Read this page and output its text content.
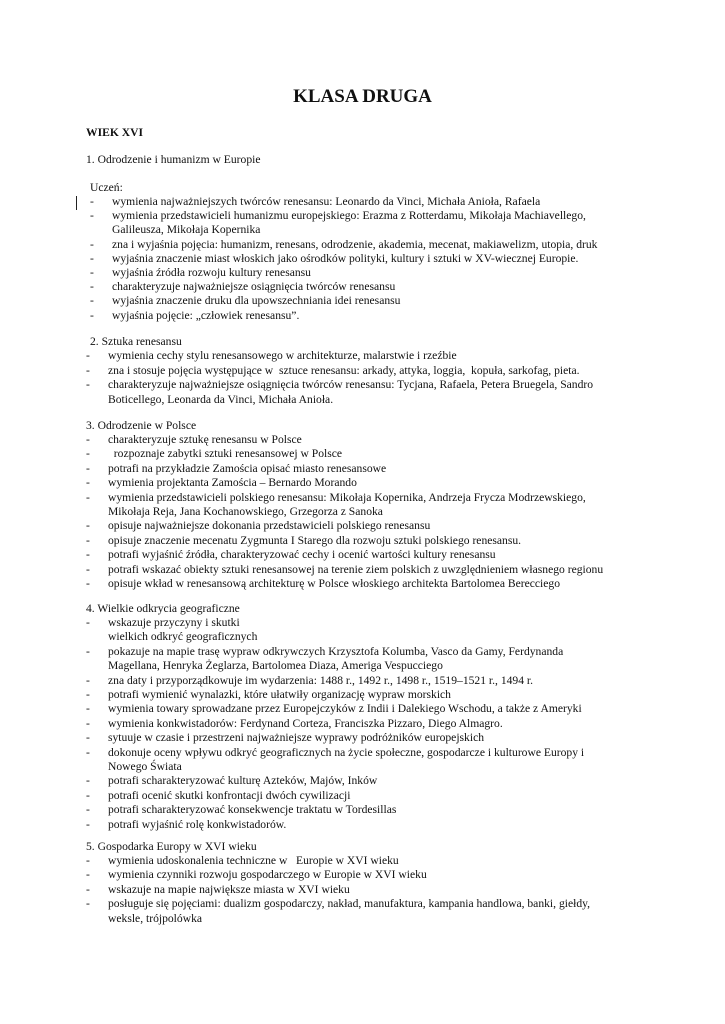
KLASA DRUGA
WIEK XVI
1. Odrodzenie i humanizm w Europie
Uczeń:
- wymienia najważniejszych twórców renesansu: Leonardo da Vinci, Michała Anioła, Rafaela
- wymienia przedstawicieli humanizmu europejskiego: Erazma z Rotterdamu, Mikołaja Machiavellego,
Galileusza, Mikołaja Kopernika
- zna i wyjaśnia pojęcia: humanizm, renesans, odrodzenie, akademia, mecenat, makiawelizm, utopia, druk
- wyjaśnia znaczenie miast włoskich jako ośrodków polityki, kultury i sztuki w XV-wiecznej Europie.
- wyjaśnia źródła rozwoju kultury renesansu
- charakteryzuje najważniejsze osiągnięcia twórców renesansu
- wyjaśnia znaczenie druku dla upowszechniania idei renesansu
- wyjaśnia pojęcie: „człowiek renesansu”.
2. Sztuka renesansu
- wymienia cechy stylu renesansowego w architekturze, malarstwie i rzeźbie
- zna i stosuje pojęcia występujące w  sztuce renesansu: arkady, attyka, loggia,  kopuła, sarkofag, pieta.
- charakteryzuje najważniejsze osiągnięcia twórców renesansu: Tycjana, Rafaela, Petera Bruegela, Sandro
Boticellego, Leonarda da Vinci, Michała Anioła.
3. Odrodzenie w Polsce
- charakteryzuje sztukę renesansu w Polsce
- rozpoznaje zabytki sztuki renesansowej w Polsce
- potrafi na przykładzie Zamościa opisać miasto renesansowe
- wymienia projektanta Zamościa – Bernardo Morando
- wymienia przedstawicieli polskiego renesansu: Mikołaja Kopernika, Andrzeja Frycza Modrzewskiego,
Mikołaja Reja, Jana Kochanowskiego, Grzegorza z Sanoka
- opisuje najważniejsze dokonania przedstawicieli polskiego renesansu
- opisuje znaczenie mecenatu Zygmunta I Starego dla rozwoju sztuki polskiego renesansu.
- potrafi wyjaśnić źródła, charakteryzować cechy i ocenić wartości kultury renesansu
- potrafi wskazać obiekty sztuki renesansowej na terenie ziem polskich z uwzględnieniem własnego regionu
- opisuje wkład w renesansową architekturę w Polsce włoskiego architekta Bartolomea Berecciego
4. Wielkie odkrycia geograficzne
- wskazuje przyczyny i skutki
wielkich odkryć geograficznych
- pokazuje na mapie trasę wypraw odkrywczych Krzysztofa Kolumba, Vasco da Gamy, Ferdynanda
Magellana, Henryka Żeglarza, Bartolomea Diaza, Ameriga Vespucciego
- zna daty i przyporządkowuje im wydarzenia: 1488 r., 1492 r., 1498 r., 1519–1521 r., 1494 r.
- potrafi wymienić wynalazki, które ułatwiły organizację wypraw morskich
- wymienia towary sprowadzane przez Europejczyków z Indii i Dalekiego Wschodu, a także z Ameryki
- wymienia konkwistadorów: Ferdynand Corteza, Franciszka Pizzaro, Diego Almagro.
- sytuuje w czasie i przestrzeni najważniejsze wyprawy podróżników europejskich
- dokonuje oceny wpływu odkryć geograficznych na życie społeczne, gospodarcze i kulturowe Europy i
Nowego Świata
- potrafi scharakteryzować kulturę Azteków, Majów, Inków
- potrafi ocenić skutki konfrontacji dwóch cywilizacji
- potrafi scharakteryzować konsekwencje traktatu w Tordesillas
- potrafi wyjaśnić rolę konkwistadorów.
5. Gospodarka Europy w XVI wieku
- wymienia udoskonalenia techniczne w   Europie w XVI wieku
- wymienia czynniki rozwoju gospodarczego w Europie w XVI wieku
- wskazuje na mapie największe miasta w XVI wieku
- posługuje się pojęciami: dualizm gospodarczy, nakład, manufaktura, kampania handlowa, banki, giełdy,
weksle, trójpolówka
